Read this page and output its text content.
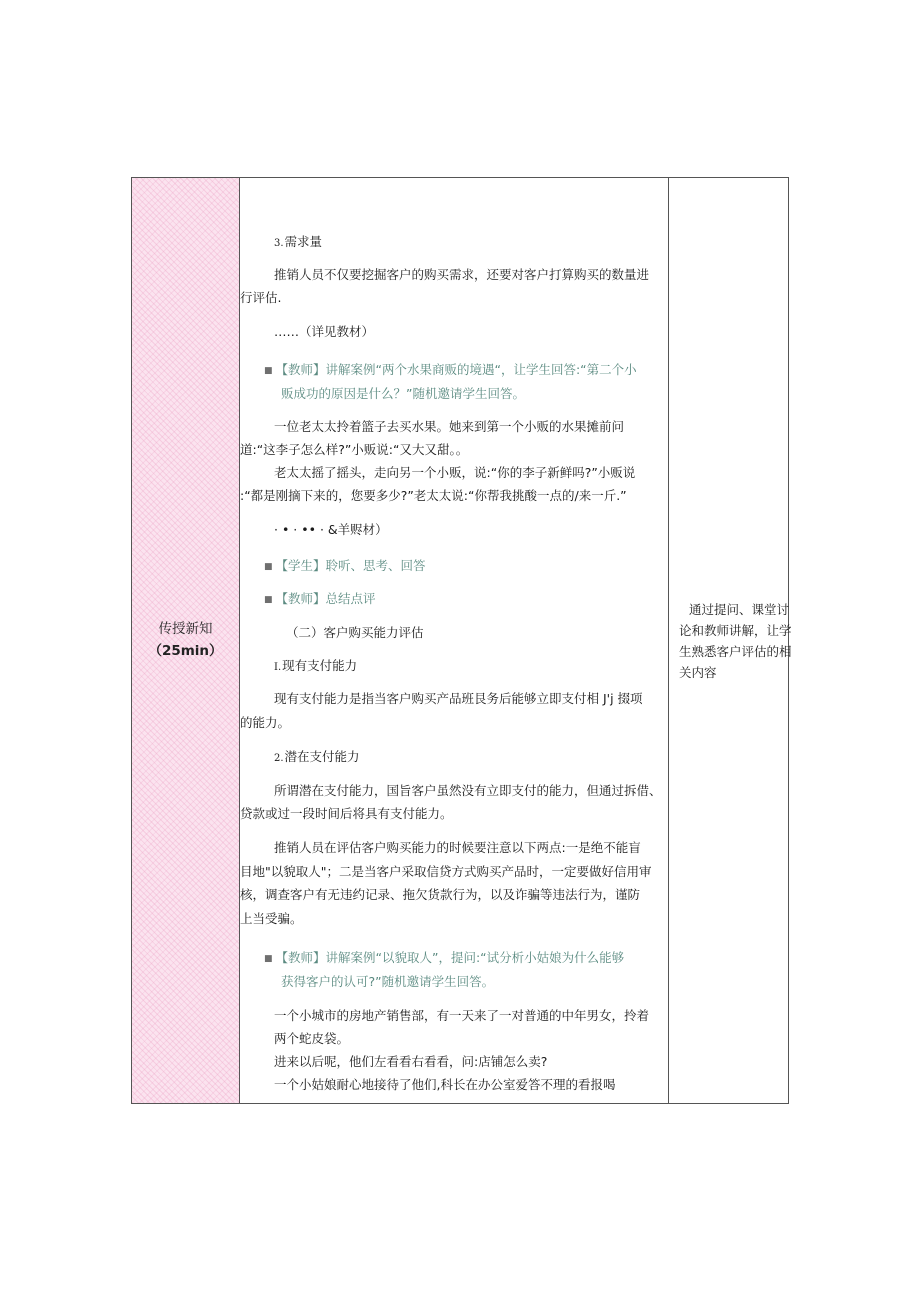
传授新知
（25min）
3.需求量
推销人员不仅要挖掘客户的购买需求，还要对客户打算购买的数量进
行评估.
……（详见教材）
■ 【教师】讲解案例“两个水果商贩的境遇“，让学生回答:“第二个小
贩成功的原因是什么？”随机邀请学生回答。
一位老太太拎着篮子去买水果。她来到第一个小贩的水果摊前问
道:“这李子怎么样?”小贩说:“又大又甜。。
老太太摇了摇头，走向另一个小贩，说:“你的李子新鲜吗?”小贩说
:“都是刚摘下来的，您要多少?”老太太说:“你帮我挑酸一点的/来一斤.”
· • · •• · &羊赆材）
■ 【学生】聆听、思考、回答
■ 【教师】总结点评
（二）客户购买能力评估
I.现有支付能力
现有支付能力是指当客户购买产品班艮务后能够立即支付相 J'j 掇项
的能力。
2.潜在支付能力
所谓潜在支付能力，国旨客户虽然没有立即支付的能力，但通过拆借、
贷款或过一段时间后将具有支付能力。
推销人员在评估客户购买能力的时候要注意以下两点:一是绝不能盲
目地"以貌取人"；二是当客户采取信贷方式购买产品时，一定要做好信用审
核，调查客户有无违约记录、拖欠货款行为，以及诈骗等违法行为，谨防
上当受骗。
■ 【教师】讲解案例“以貌取人”，提问:“试分析小姑娘为什么能够
获得客户的认可?”随机邀请学生回答。
一个小城市的房地产销售部，有一天来了一对普通的中年男女，拎着
两个蛇皮袋。
进来以后呢，他们左看看右看看，问:店铺怎么卖?
一个小姑娘耐心地接待了他们,科长在办公室爱答不理的看报喝
通过提问、课堂讨
论和教师讲解，让学
生熟悉客户评估的相
关内容
